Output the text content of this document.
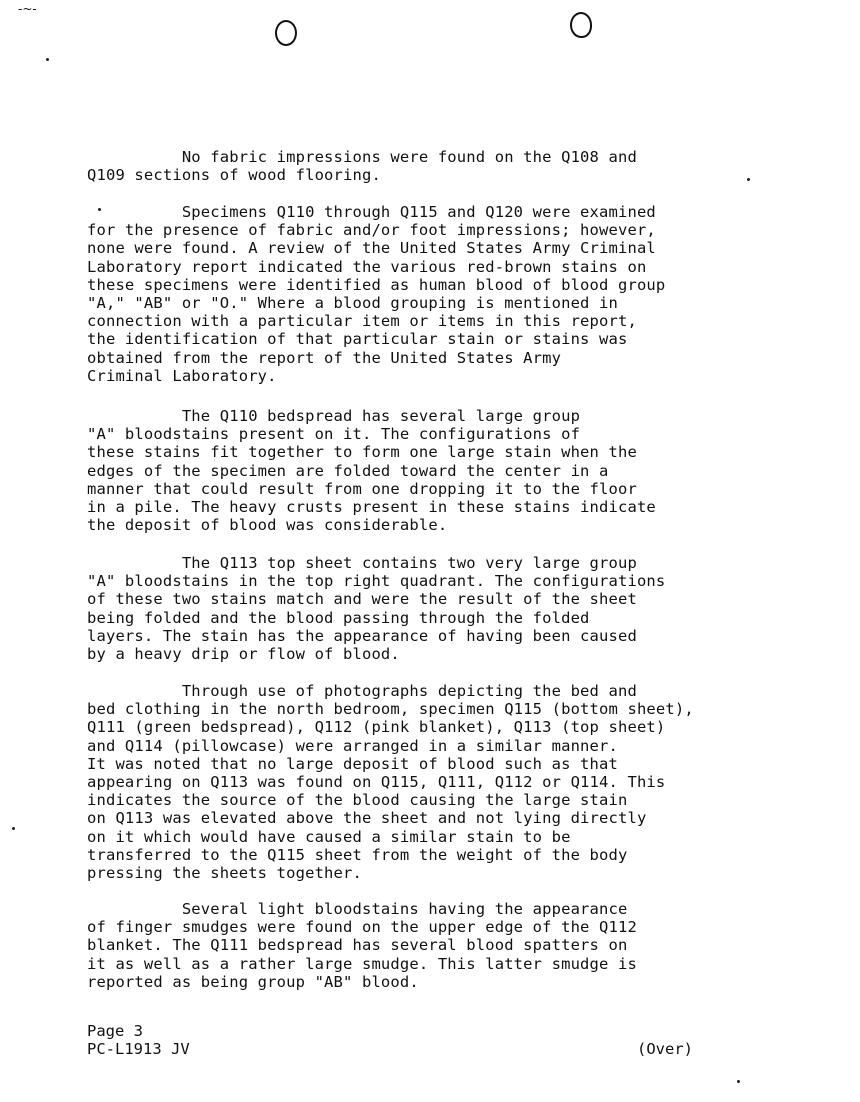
-~-
No fabric impressions were found on the Q108 and
Q109 sections of wood flooring.
Specimens Q110 through Q115 and Q120 were examined
for the presence of fabric and/or foot impressions; however,
none were found. A review of the United States Army Criminal
Laboratory report indicated the various red-brown stains on
these specimens were identified as human blood of blood group
"A," "AB" or "O." Where a blood grouping is mentioned in
connection with a particular item or items in this report,
the identification of that particular stain or stains was
obtained from the report of the United States Army
Criminal Laboratory.
The Q110 bedspread has several large group
"A" bloodstains present on it. The configurations of
these stains fit together to form one large stain when the
edges of the specimen are folded toward the center in a
manner that could result from one dropping it to the floor
in a pile. The heavy crusts present in these stains indicate
the deposit of blood was considerable.
The Q113 top sheet contains two very large group
"A" bloodstains in the top right quadrant. The configurations
of these two stains match and were the result of the sheet
being folded and the blood passing through the folded
layers. The stain has the appearance of having been caused
by a heavy drip or flow of blood.
Through use of photographs depicting the bed and
bed clothing in the north bedroom, specimen Q115 (bottom sheet),
Q111 (green bedspread), Q112 (pink blanket), Q113 (top sheet)
and Q114 (pillowcase) were arranged in a similar manner.
It was noted that no large deposit of blood such as that
appearing on Q113 was found on Q115, Q111, Q112 or Q114. This
indicates the source of the blood causing the large stain
on Q113 was elevated above the sheet and not lying directly
on it which would have caused a similar stain to be
transferred to the Q115 sheet from the weight of the body
pressing the sheets together.
Several light bloodstains having the appearance
of finger smudges were found on the upper edge of the Q112
blanket. The Q111 bedspread has several blood spatters on
it as well as a rather large smudge. This latter smudge is
reported as being group "AB" blood.
Page 3
PC-L1913 JV	(Over)
